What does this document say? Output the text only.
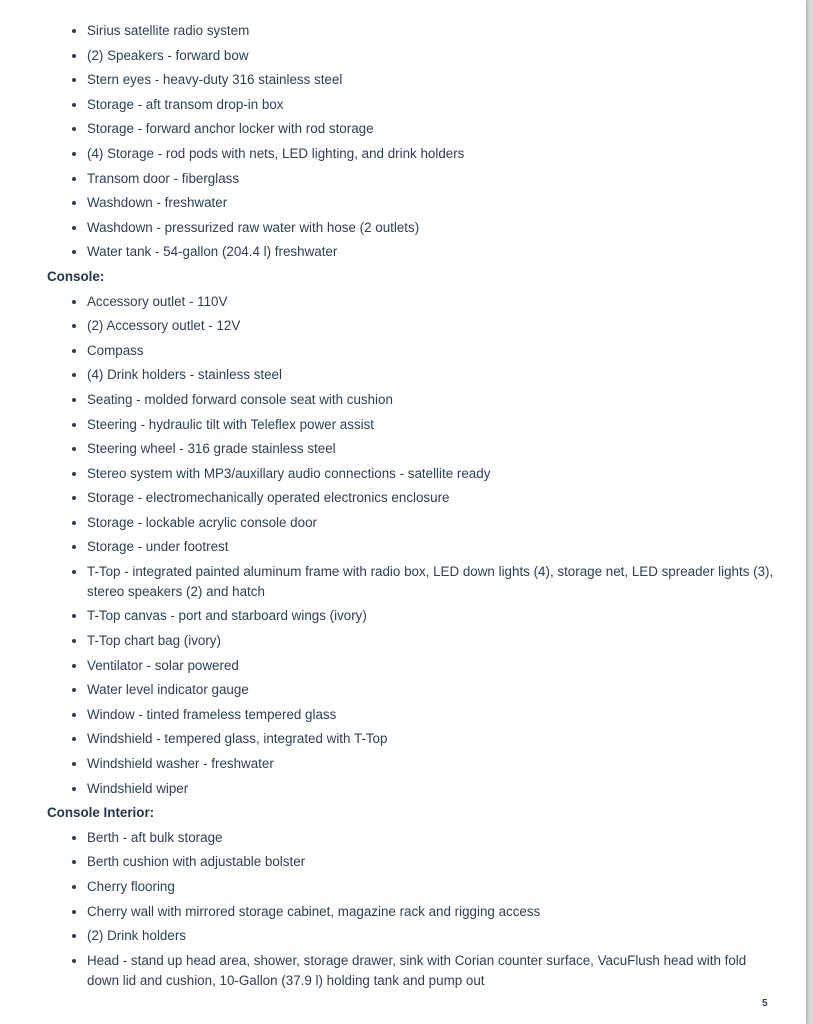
Sirius satellite radio system
(2) Speakers - forward bow
Stern eyes - heavy-duty 316 stainless steel
Storage - aft transom drop-in box
Storage - forward anchor locker with rod storage
(4) Storage - rod pods with nets, LED lighting, and drink holders
Transom door - fiberglass
Washdown - freshwater
Washdown - pressurized raw water with hose (2 outlets)
Water tank - 54-gallon (204.4 l) freshwater
Console:
Accessory outlet - 110V
(2) Accessory outlet - 12V
Compass
(4) Drink holders - stainless steel
Seating - molded forward console seat with cushion
Steering - hydraulic tilt with Teleflex power assist
Steering wheel - 316 grade stainless steel
Stereo system with MP3/auxillary audio connections - satellite ready
Storage - electromechanically operated electronics enclosure
Storage - lockable acrylic console door
Storage - under footrest
T-Top - integrated painted aluminum frame with radio box, LED down lights (4), storage net, LED spreader lights (3), stereo speakers (2) and hatch
T-Top canvas - port and starboard wings (ivory)
T-Top chart bag (ivory)
Ventilator - solar powered
Water level indicator gauge
Window - tinted frameless tempered glass
Windshield - tempered glass, integrated with T-Top
Windshield washer - freshwater
Windshield wiper
Console Interior:
Berth - aft bulk storage
Berth cushion with adjustable bolster
Cherry flooring
Cherry wall with mirrored storage cabinet, magazine rack and rigging access
(2) Drink holders
Head - stand up head area, shower, storage drawer, sink with Corian counter surface, VacuFlush head with fold down lid and cushion, 10-Gallon (37.9 l) holding tank and pump out
5
